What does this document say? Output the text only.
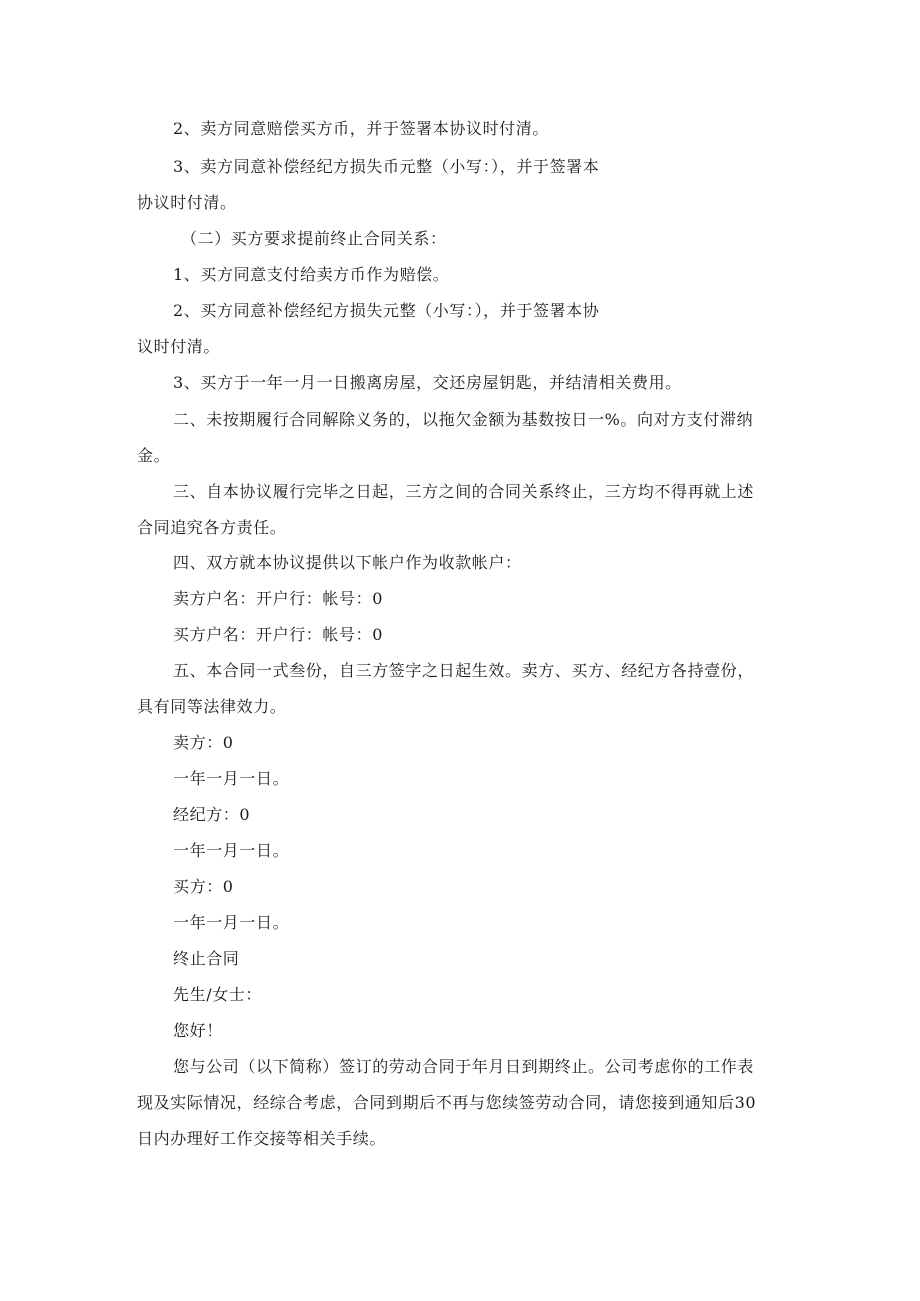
2、卖方同意赔偿买方币，并于签署本协议时付清。
3、卖方同意补偿经纪方损失币元整（小写：），并于签署本
协议时付清。
（二）买方要求提前终止合同关系：
1、买方同意支付给卖方币作为赔偿。
2、买方同意补偿经纪方损失元整（小写：），并于签署本协
议时付清。
3、买方于一年一月一日搬离房屋，交还房屋钥匙，并结清相关费用。
二、未按期履行合同解除义务的，以拖欠金额为基数按日一%。向对方支付滞纳
金。
三、自本协议履行完毕之日起，三方之间的合同关系终止，三方均不得再就上述
合同追究各方责任。
四、双方就本协议提供以下帐户作为收款帐户：
卖方户名：开户行：帐号：0
买方户名：开户行：帐号：0
五、本合同一式叁份，自三方签字之日起生效。卖方、买方、经纪方各持壹份，
具有同等法律效力。
卖方：0
一年一月一日。
经纪方：0
一年一月一日。
买方：0
一年一月一日。
终止合同
先生/女士：
您好！
您与公司（以下简称）签订的劳动合同于年月日到期终止。公司考虑你的工作表
现及实际情况，经综合考虑，合同到期后不再与您续签劳动合同，请您接到通知后30
日内办理好工作交接等相关手续。
